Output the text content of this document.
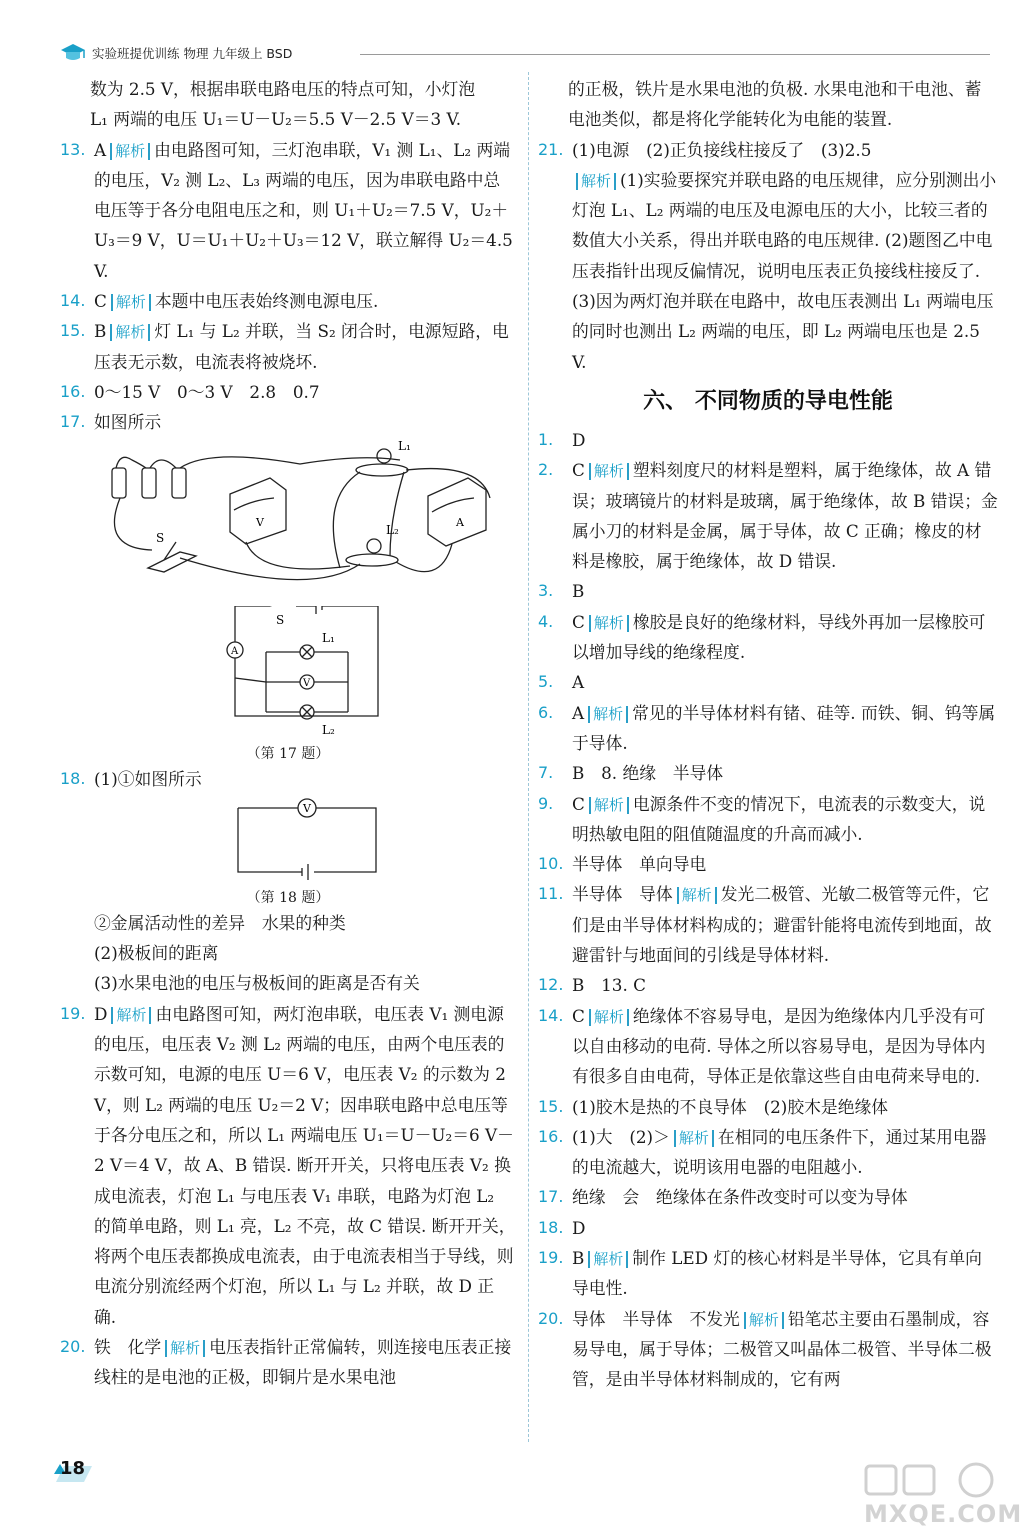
实验班提优训练 物理 九年级上 BSD

数为 2.5 V，根据串联电路电压的特点可知，小灯泡
L₁ 两端的电压 U₁＝U－U₂＝5.5 V－2.5 V＝3 V.

13. A 解析 由电路图可知，三灯泡串联，V₁ 测 L₁、L₂ 两端的电压，V₂ 测 L₂、L₃ 两端的电压，因为串联电路中总电压等于各分电阻电压之和，则 U₁＋U₂＝7.5 V，U₂＋U₃＝9 V，U＝U₁＋U₂＋U₃＝12 V，联立解得 U₂＝4.5 V.

14. C 解析 本题中电压表始终测电源电压.

15. B 解析 灯 L₁ 与 L₂ 并联，当 S₂ 闭合时，电源短路，电压表无示数，电流表将被烧坏.

16. 0～15 V　0～3 V　2.8　0.7

17. 如图所示

L₁
L₂
S
V	A
A
V
S
L₁
L₂
（第 17 题）

18. (1)①如图所示

V
（第 18 题）

②金属活动性的差异　水果的种类

(2)极板间的距离

(3)水果电池的电压与极板间的距离是否有关

19. D 解析 由电路图可知，两灯泡串联，电压表 V₁ 测电源的电压，电压表 V₂ 测 L₂ 两端的电压，由两个电压表的示数可知，电源的电压 U＝6 V，电压表 V₂ 的示数为 2 V，则 L₂ 两端的电压 U₂＝2 V；因串联电路中总电压等于各分电压之和，所以 L₁ 两端电压 U₁＝U－U₂＝6 V－2 V＝4 V，故 A、B 错误. 断开开关，只将电压表 V₂ 换成电流表，灯泡 L₁ 与电压表 V₁ 串联，电路为灯泡 L₂ 的简单电路，则 L₁ 亮，L₂ 不亮，故 C 错误. 断开开关，将两个电压表都换成电流表，由于电流表相当于导线，则电流分别流经两个灯泡，所以 L₁ 与 L₂ 并联，故 D 正确.

20. 铁　化学 解析 电压表指针正常偏转，则连接电压表正接线柱的是电池的正极，即铜片是水果电池

的正极，铁片是水果电池的负极. 水果电池和干电池、蓄电池类似，都是将化学能转化为电能的装置.

21. (1)电源　(2)正负接线柱接反了　(3)2.5
解析 (1)实验要探究并联电路的电压规律，应分别测出小灯泡 L₁、L₂ 两端的电压及电源电压的大小，比较三者的数值大小关系，得出并联电路的电压规律. (2)题图乙中电压表指针出现反偏情况，说明电压表正负接线柱接反了. (3)因为两灯泡并联在电路中，故电压表测出 L₁ 两端电压的同时也测出 L₂ 两端的电压，即 L₂ 两端电压也是 2.5 V.

六、 不同物质的导电性能

1. D

2. C 解析 塑料刻度尺的材料是塑料，属于绝缘体，故 A 错误；玻璃镜片的材料是玻璃，属于绝缘体，故 B 错误；金属小刀的材料是金属，属于导体，故 C 正确；橡皮的材料是橡胶，属于绝缘体，故 D 错误.

3. B

4. C 解析 橡胶是良好的绝缘材料，导线外再加一层橡胶可以增加导线的绝缘程度.

5. A

6. A 解析 常见的半导体材料有锗、硅等. 而铁、铜、钨等属于导体.

7. B　8. 绝缘　半导体

9. C 解析 电源条件不变的情况下，电流表的示数变大，说明热敏电阻的阻值随温度的升高而减小.

10. 半导体　单向导电

11. 半导体　导体 解析 发光二极管、光敏二极管等元件，它们是由半导体材料构成的；避雷针能将电流传到地面，故避雷针与地面间的引线是导体材料.

12. B　13. C

14. C 解析 绝缘体不容易导电，是因为绝缘体内几乎没有可以自由移动的电荷. 导体之所以容易导电，是因为导体内有很多自由电荷，导体正是依靠这些自由电荷来导电的.

15. (1)胶木是热的不良导体　(2)胶木是绝缘体

16. (1)大　(2)＞ 解析 在相同的电压条件下，通过某用电器的电流越大，说明该用电器的电阻越小.

17. 绝缘　会　绝缘体在条件改变时可以变为导体

18. D

19. B 解析 制作 LED 灯的核心材料是半导体，它具有单向导电性.

20. 导体　半导体　不发光 解析 铅笔芯主要由石墨制成，容易导电，属于导体；二极管又叫晶体二极管、半导体二极管，是由半导体材料制成的，它有两

18
MXQE.COM
